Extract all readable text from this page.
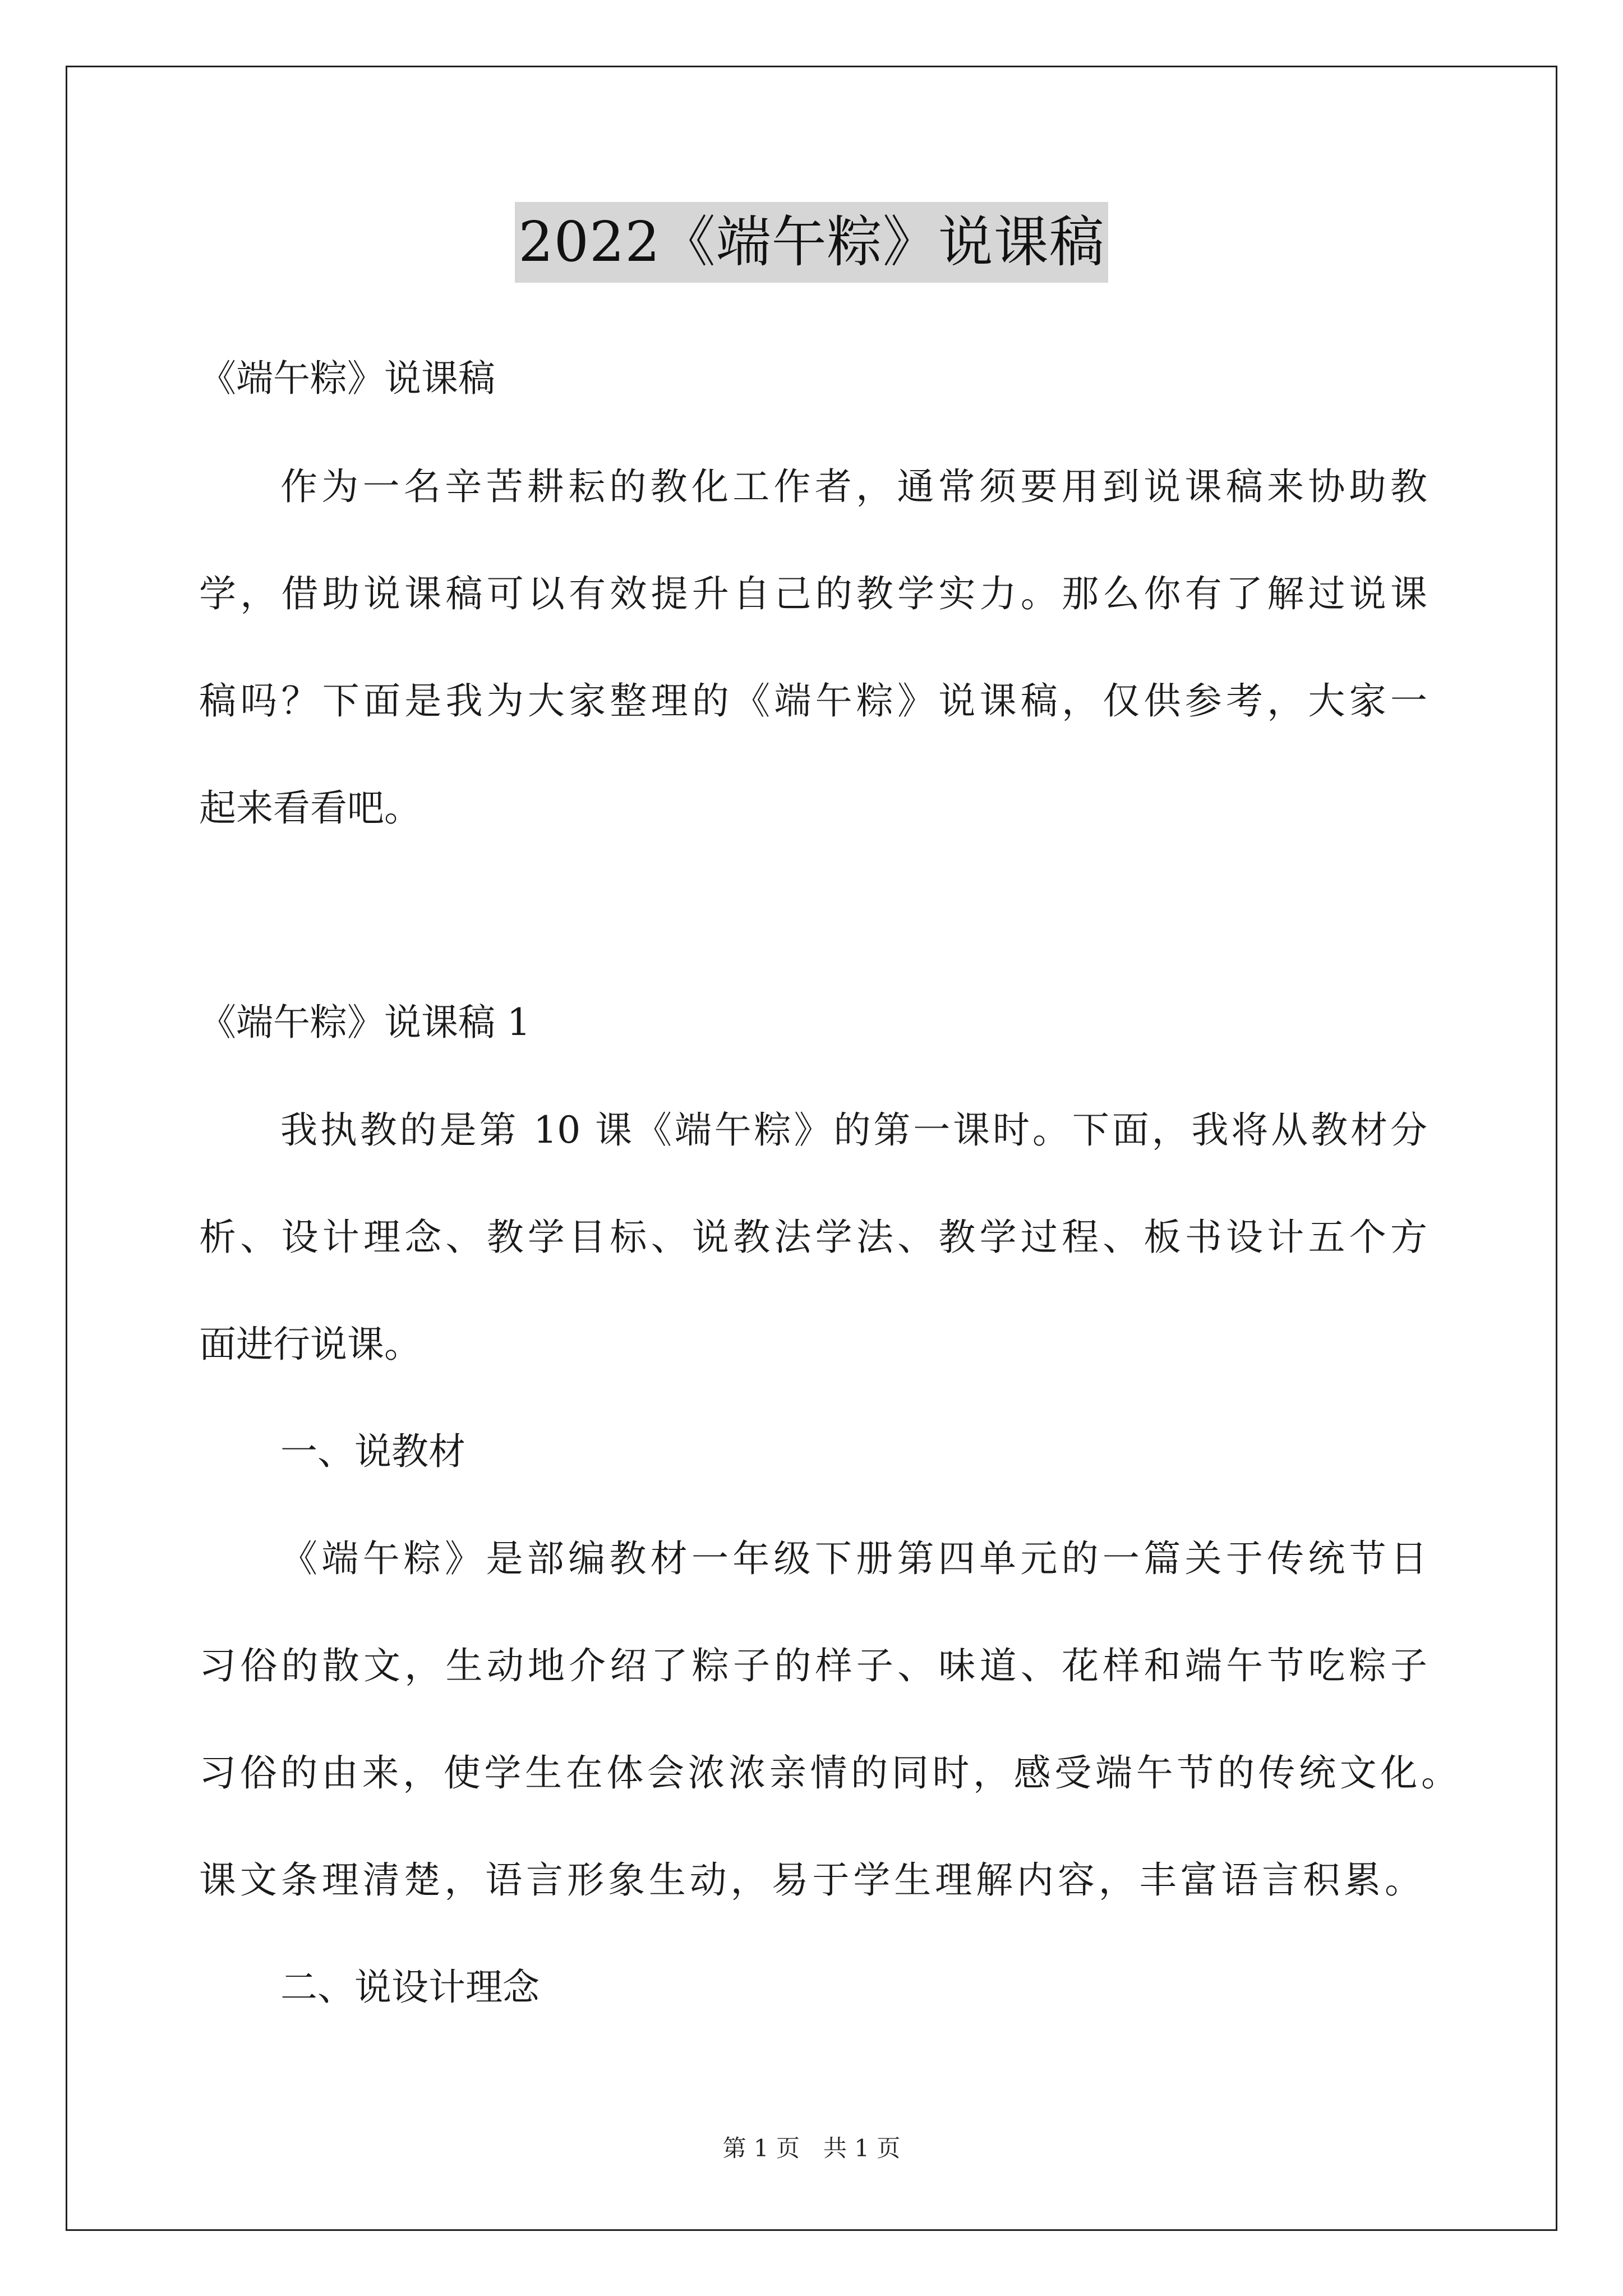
2022《端午粽》说课稿
《端午粽》说课稿
作为一名辛苦耕耘的教化工作者，通常须要用到说课稿来协助教
学，借助说课稿可以有效提升自己的教学实力。那么你有了解过说课
稿吗？下面是我为大家整理的《端午粽》说课稿，仅供参考，大家一
起来看看吧。
《端午粽》说课稿 1
我执教的是第 10 课《端午粽》的第一课时。下面，我将从教材分
析、设计理念、教学目标、说教法学法、教学过程、板书设计五个方
面进行说课。
一、说教材
《端午粽》是部编教材一年级下册第四单元的一篇关于传统节日
习俗的散文，生动地介绍了粽子的样子、味道、花样和端午节吃粽子
习俗的由来，使学生在体会浓浓亲情的同时，感受端午节的传统文化。
课文条理清楚，语言形象生动，易于学生理解内容，丰富语言积累。
二、说设计理念
第 1 页　共 1 页
